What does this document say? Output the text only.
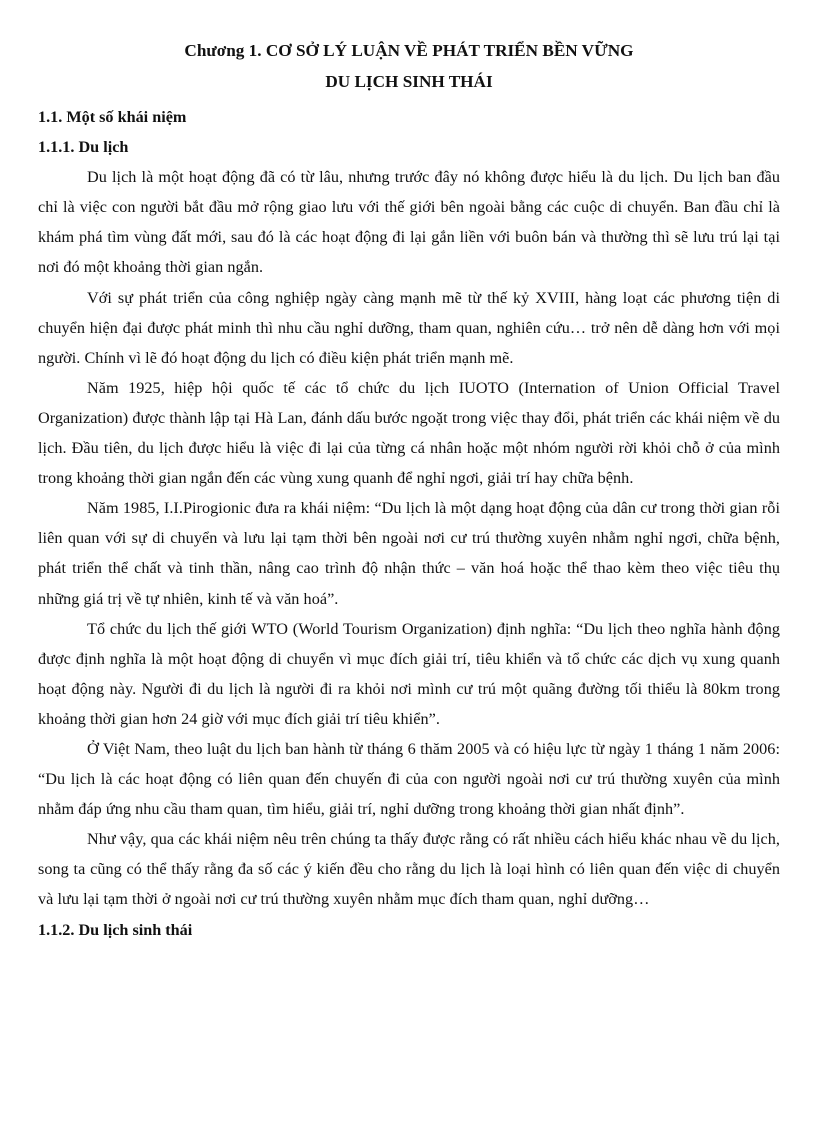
Chương 1. CƠ SỞ LÝ LUẬN VỀ PHÁT TRIỂN BỀN VỮNG
DU LỊCH SINH THÁI

1.1. Một số khái niệm

1.1.1. Du lịch

Du lịch là một hoạt động đã có từ lâu, nhưng trước đây nó không được hiểu là du lịch. Du lịch ban đầu chỉ là việc con người bắt đầu mở rộng giao lưu với thế giới bên ngoài bằng các cuộc di chuyển. Ban đầu chỉ là khám phá tìm vùng đất mới, sau đó là các hoạt động đi lại gắn liền với buôn bán và thường thì sẽ lưu trú lại tại nơi đó một khoảng thời gian ngắn.

Với sự phát triển của công nghiệp ngày càng mạnh mẽ từ thế kỷ XVIII, hàng loạt các phương tiện di chuyển hiện đại được phát minh thì nhu cầu nghỉ dưỡng, tham quan, nghiên cứu… trở nên dễ dàng hơn với mọi người. Chính vì lẽ đó hoạt động du lịch có điều kiện phát triển mạnh mẽ.

Năm 1925, hiệp hội quốc tế các tổ chức du lịch IUOTO (Internation of Union Official Travel Organization) được thành lập tại Hà Lan, đánh dấu bước ngoặt trong việc thay đổi, phát triển các khái niệm về du lịch. Đầu tiên, du lịch được hiểu là việc đi lại của từng cá nhân hoặc một nhóm người rời khỏi chỗ ở của mình trong khoảng thời gian ngắn đến các vùng xung quanh để nghỉ ngơi, giải trí hay chữa bệnh.

Năm 1985, I.I.Pirogionic đưa ra khái niệm: “Du lịch là một dạng hoạt động của dân cư trong thời gian rỗi liên quan với sự di chuyển và lưu lại tạm thời bên ngoài nơi cư trú thường xuyên nhằm nghỉ ngơi, chữa bệnh, phát triển thể chất và tinh thần, nâng cao trình độ nhận thức – văn hoá hoặc thể thao kèm theo việc tiêu thụ những giá trị về tự nhiên, kinh tế và văn hoá”.

Tổ chức du lịch thế giới WTO (World Tourism Organization) định nghĩa: “Du lịch theo nghĩa hành động được định nghĩa là một hoạt động di chuyển vì mục đích giải trí, tiêu khiển và tổ chức các dịch vụ xung quanh hoạt động này. Người đi du lịch là người đi ra khỏi nơi mình cư trú một quãng đường tối thiểu là 80km trong khoảng thời gian hơn 24 giờ với mục đích giải trí tiêu khiển”.

Ở Việt Nam, theo luật du lịch ban hành từ tháng 6 thăm 2005 và có hiệu lực từ ngày 1 tháng 1 năm 2006: “Du lịch là các hoạt động có liên quan đến chuyến đi của con người ngoài nơi cư trú thường xuyên của mình nhằm đáp ứng nhu cầu tham quan, tìm hiểu, giải trí, nghỉ dưỡng trong khoảng thời gian nhất định”.

Như vậy, qua các khái niệm nêu trên chúng ta thấy được rằng có rất nhiều cách hiểu khác nhau về du lịch, song ta cũng có thể thấy rằng đa số các ý kiến đều cho rằng du lịch là loại hình có liên quan đến việc di chuyển và lưu lại tạm thời ở ngoài nơi cư trú thường xuyên nhằm mục đích tham quan, nghỉ dưỡng…

1.1.2. Du lịch sinh thái
